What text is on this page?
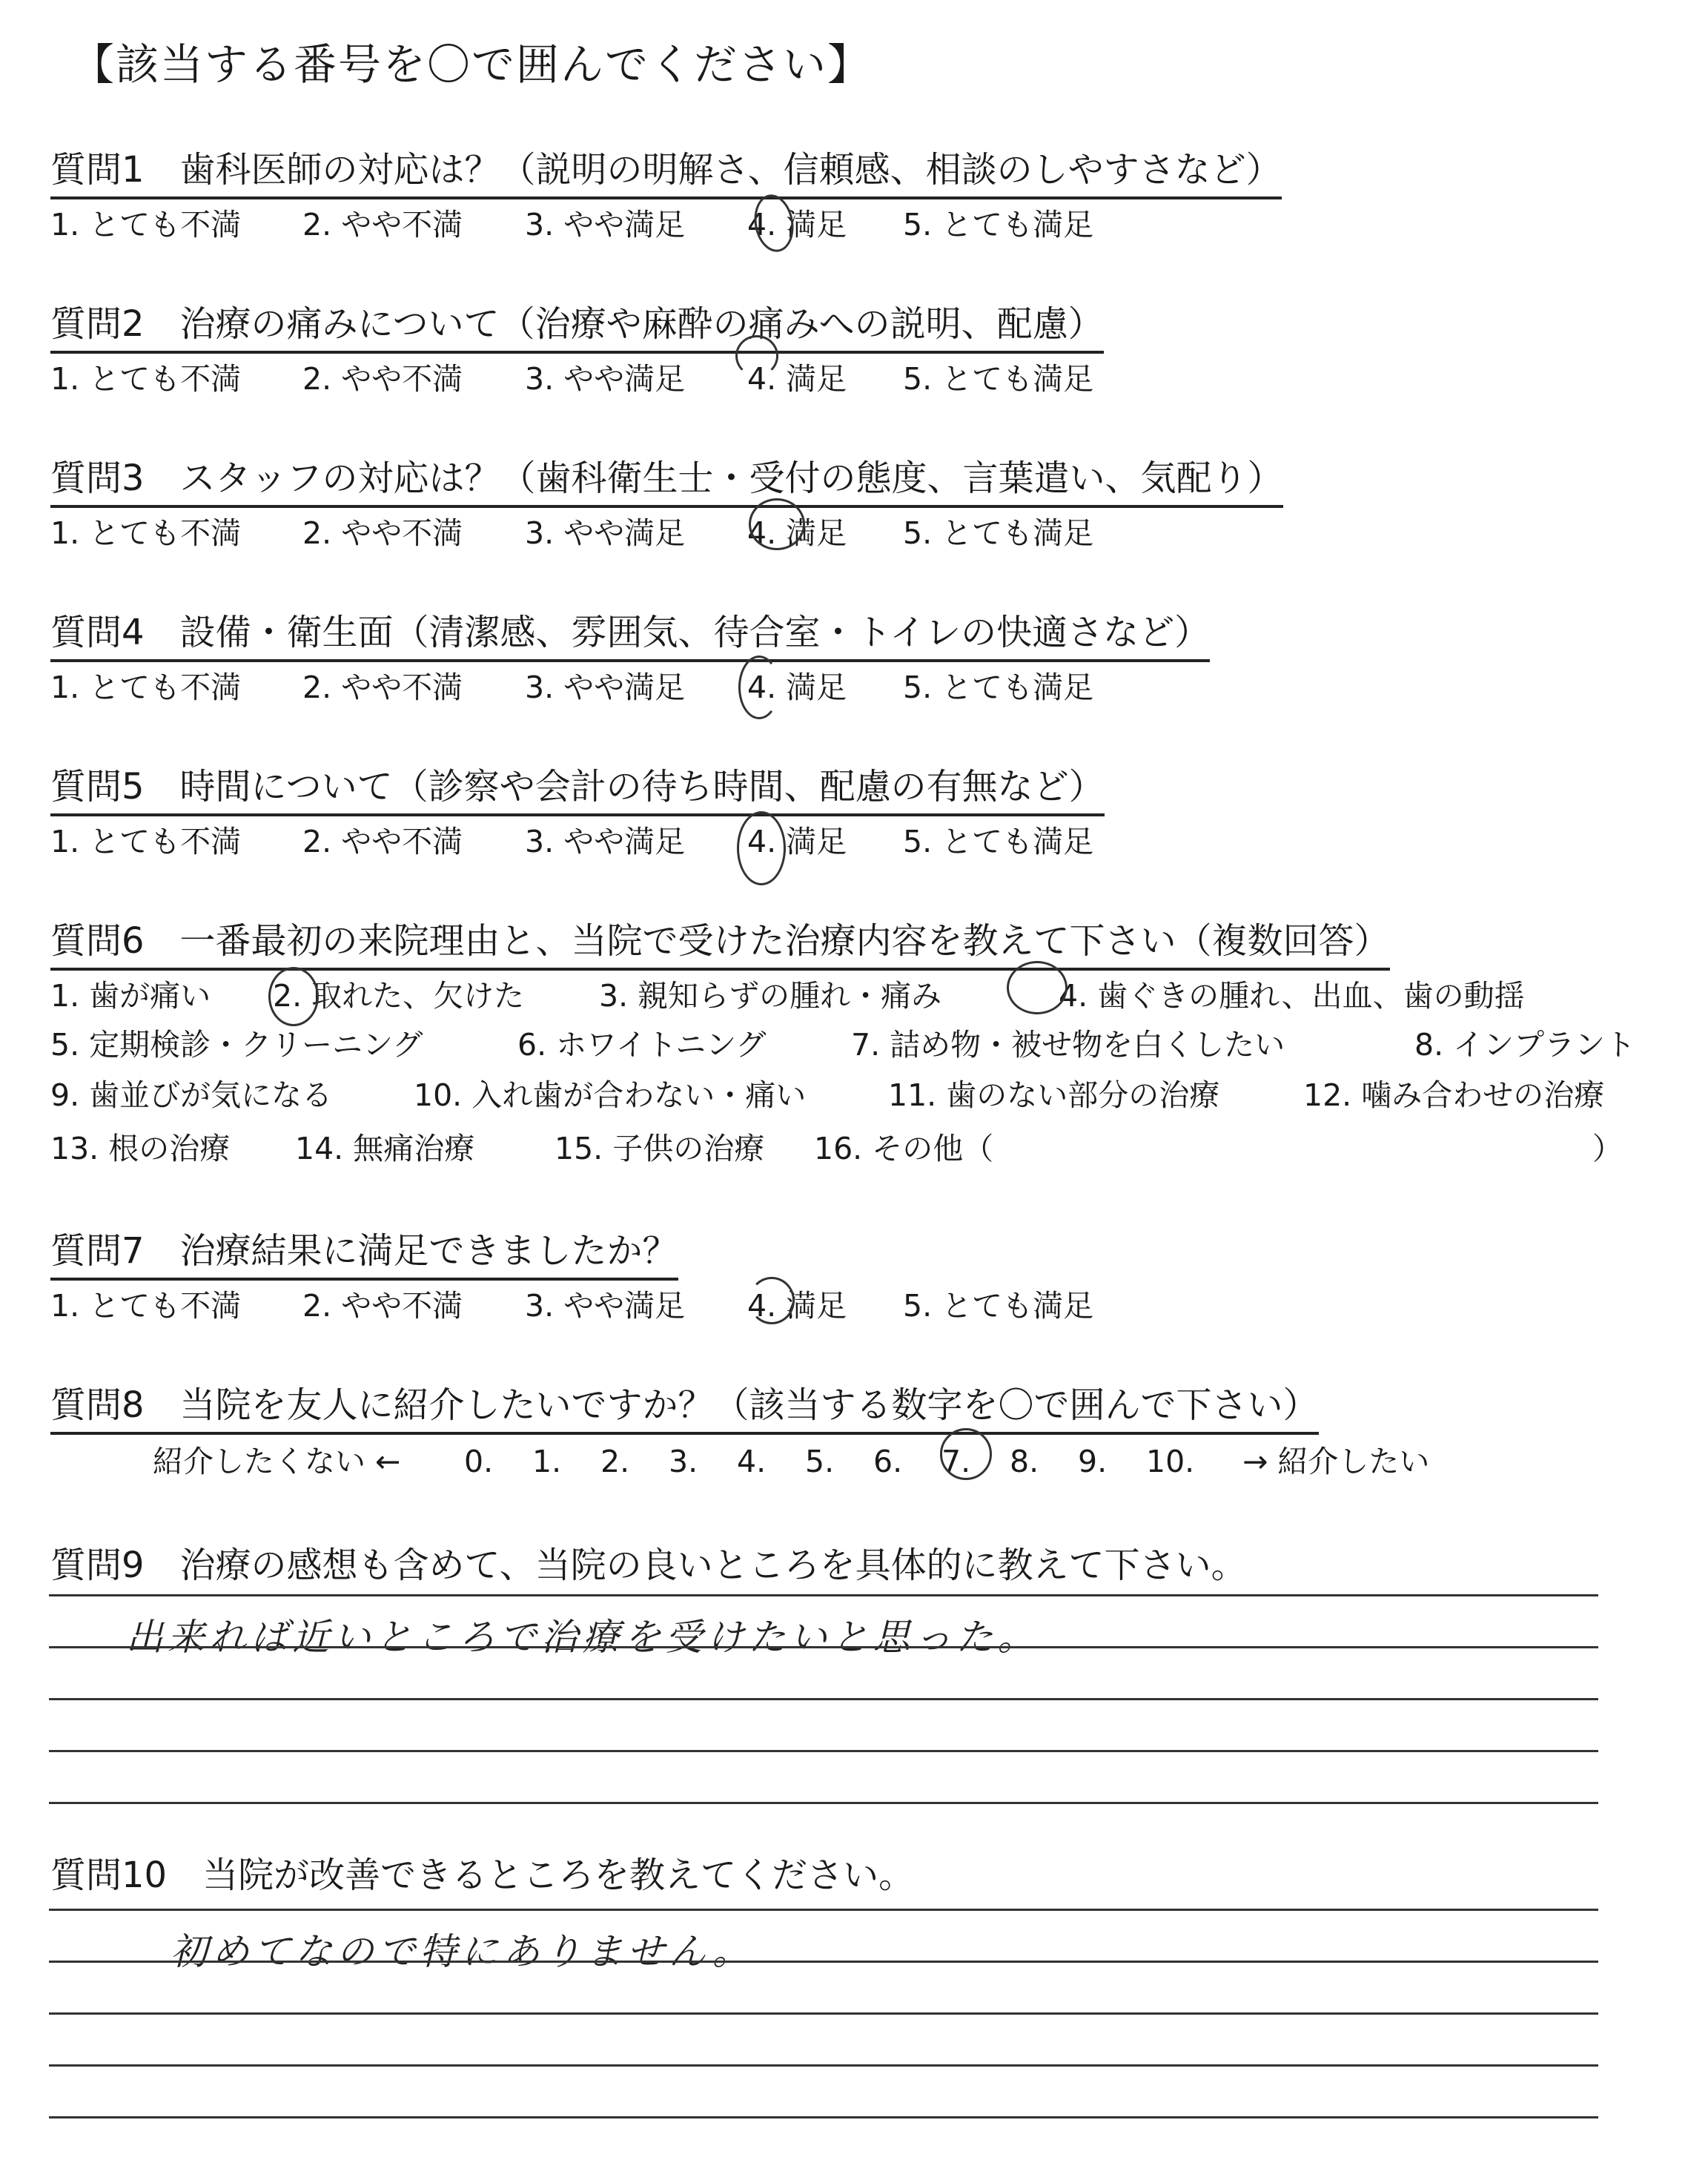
【該当する番号を〇で囲んでください】
質問1　歯科医師の対応は？（説明の明解さ、信頼感、相談のしやすさなど）
1. とても不満 2. やや不満 3. やや満足 4. 満足 5. とても満足
質問2　治療の痛みについて（治療や麻酔の痛みへの説明、配慮）
1. とても不満 2. やや不満 3. やや満足 4. 満足 5. とても満足
質問3　スタッフの対応は？（歯科衛生士・受付の態度、言葉遣い、気配り）
1. とても不満 2. やや不満 3. やや満足 4. 満足 5. とても満足
質問4　設備・衛生面（清潔感、雰囲気、待合室・トイレの快適さなど）
1. とても不満 2. やや不満 3. やや満足 4. 満足 5. とても満足
質問5　時間について（診察や会計の待ち時間、配慮の有無など）
1. とても不満 2. やや不満 3. やや満足 4. 満足 5. とても満足
質問6　一番最初の来院理由と、当院で受けた治療内容を教えて下さい（複数回答）
1. 歯が痛い 2. 取れた、欠けた 3. 親知らずの腫れ・痛み	4. 歯ぐきの腫れ、出血、歯の動揺
5. 定期検診・クリーニング	6. ホワイトニング	7. 詰め物・被せ物を白くしたい	8. インプラント
9. 歯並びが気になる	10. 入れ歯が合わない・痛い	11. 歯のない部分の治療	12. 噛み合わせの治療
13. 根の治療 14. 無痛治療	15. 子供の治療 16. その他（	）
質問7　治療結果に満足できましたか？
1. とても不満 2. やや不満 3. やや満足 4. 満足 5. とても満足
質問8　当院を友人に紹介したいですか？（該当する数字を〇で囲んで下さい）
紹介したくない ← 0. 1. 2. 3. 4. 5. 6. 7. 8. 9. 10. → 紹介したい
質問9　治療の感想も含めて、当院の良いところを具体的に教えて下さい。
出来れば近いところで治療を受けたいと思った。
質問10　当院が改善できるところを教えてください。
初めてなので特にありません。
